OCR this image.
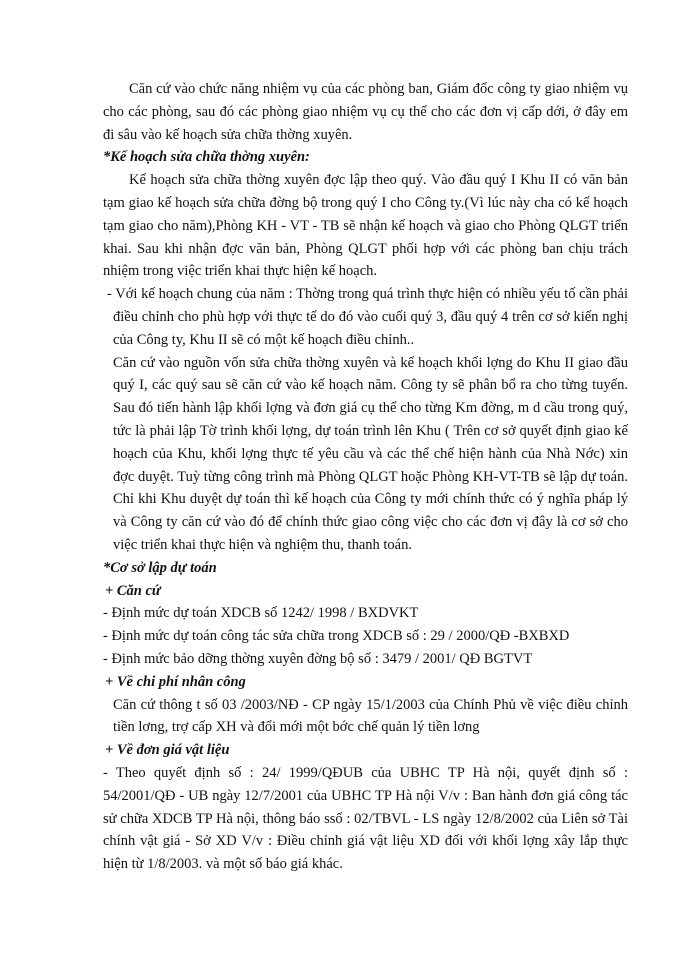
Căn cứ vào chức năng nhiệm vụ của các phòng ban, Giám đốc công ty giao nhiệm vụ cho các phòng, sau đó các phòng giao nhiệm vụ cụ thể cho các đơn vị cấp dới, ở đây em đi sâu vào kế hoạch sửa chữa thờng xuyên.

*Kế hoạch sửa chữa thờng xuyên:

Kế hoạch sửa chữa thờng xuyên đợc lập theo quý. Vào đầu quý I Khu II có văn bản tạm giao kế hoạch sửa chữa đờng bộ trong quý I cho Công ty.(Vì lúc này cha có kế hoạch tạm giao cho năm),Phòng KH - VT - TB sẽ nhận kế hoạch và giao cho Phòng QLGT triển khai. Sau khi nhận đợc văn bản, Phòng QLGT phối hợp với các phòng ban chịu trách nhiệm trong việc triển khai thực hiện kế hoạch.

- Với kế hoạch chung của năm : Thờng trong quá trình thực hiện có nhiều yếu tố cần phải điều chỉnh cho phù hợp với thực tế do đó vào cuối quý 3, đầu quý 4 trên cơ sở kiến nghị của Công ty, Khu II sẽ có một kế hoạch điều chỉnh..

Căn cứ vào nguồn vốn sửa chữa thờng xuyên và kế hoạch khối lợng do Khu II giao đầu quý I, các quý sau sẽ căn cứ vào kế hoạch năm. Công ty sẽ phân bổ ra cho từng tuyến. Sau đó tiến hành lập khối lợng và đơn giá cụ thể cho từng Km đờng, m d cầu trong quý, tức là phải lập Tờ trình khối lợng, dự toán trình lên Khu ( Trên cơ sở quyết định giao kế hoạch của Khu, khối lợng thực tế yêu cầu và các thể chế hiện hành của Nhà Nớc) xin đợc duyệt. Tuỳ từng công trình mà Phòng QLGT hoặc Phòng KH-VT-TB sẽ lập dự toán. Chỉ khi Khu duyệt dự toán thì kế hoạch của Công ty mới chính thức có ý nghĩa pháp lý và Công ty căn cứ vào đó để chính thức giao công việc cho các đơn vị đây là cơ sở cho việc triển khai thực hiện và nghiệm thu, thanh toán.

*Cơ sở lập dự toán

+ Căn cứ

- Định mức dự toán XDCB số 1242/ 1998 / BXDVKT

- Định mức dự toán công tác sửa chữa trong XDCB số : 29 / 2000/QĐ -BXBXD

- Định mức bảo dỡng thờng xuyên đờng bộ số : 3479 / 2001/ QĐ BGTVT

+ Về chi phí nhân công

Căn cứ thông t số 03 /2003/NĐ - CP ngày 15/1/2003 của Chính Phủ về việc điều chỉnh tiền lơng, trợ cấp XH và đổi mới một bớc chế quản lý tiền lơng

+ Về đơn giá vật liệu

- Theo quyết định số : 24/ 1999/QĐUB của UBHC TP Hà nội, quyết định số : 54/2001/QĐ - UB ngày 12/7/2001 của UBHC TP Hà nội V/v : Ban hành đơn giá công tác sử chữa XDCB TP Hà nội, thông báo ssố : 02/TBVL - LS ngày 12/8/2002 của Liên sở Tài chính vật giá - Sở XD V/v : Điều chỉnh giá vật liệu XD đối với khối lợng xây lắp thực hiện từ 1/8/2003. và một số báo giá khác.
